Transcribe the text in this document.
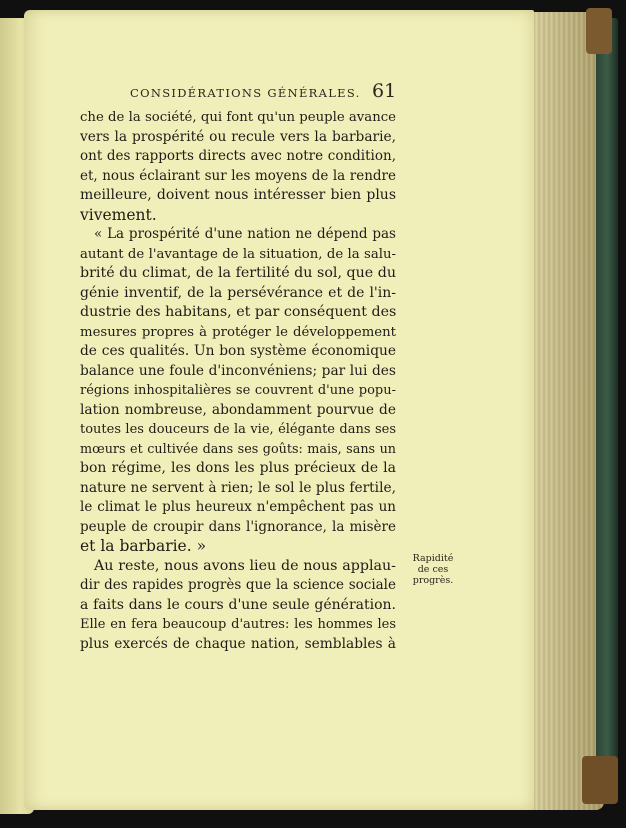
CONSIDÉRATIONS GÉNÉRALES. 61
che de la société, qui font qu'un peuple avance
vers la prospérité ou recule vers la barbarie,
ont des rapports directs avec notre condition,
et, nous éclairant sur les moyens de la rendre
meilleure, doivent nous intéresser bien plus
vivement.
« La prospérité d'une nation ne dépend pas
autant de l'avantage de la situation, de la salu-
brité du climat, de la fertilité du sol, que du
génie inventif, de la persévérance et de l'in-
dustrie des habitans, et par conséquent des
mesures propres à protéger le développement
de ces qualités. Un bon système économique
balance une foule d'inconvéniens; par lui des
régions inhospitalières se couvrent d'une popu-
lation nombreuse, abondamment pourvue de
toutes les douceurs de la vie, élégante dans ses
mœurs et cultivée dans ses goûts: mais, sans un
bon régime, les dons les plus précieux de la
nature ne servent à rien; le sol le plus fertile,
le climat le plus heureux n'empêchent pas un
peuple de croupir dans l'ignorance, la misère
et la barbarie. »
Au reste, nous avons lieu de nous applau-
dir des rapides progrès que la science sociale
a faits dans le cours d'une seule génération.
Elle en fera beaucoup d'autres: les hommes les
plus exercés de chaque nation, semblables à
Rapidité
de ces progrès.
